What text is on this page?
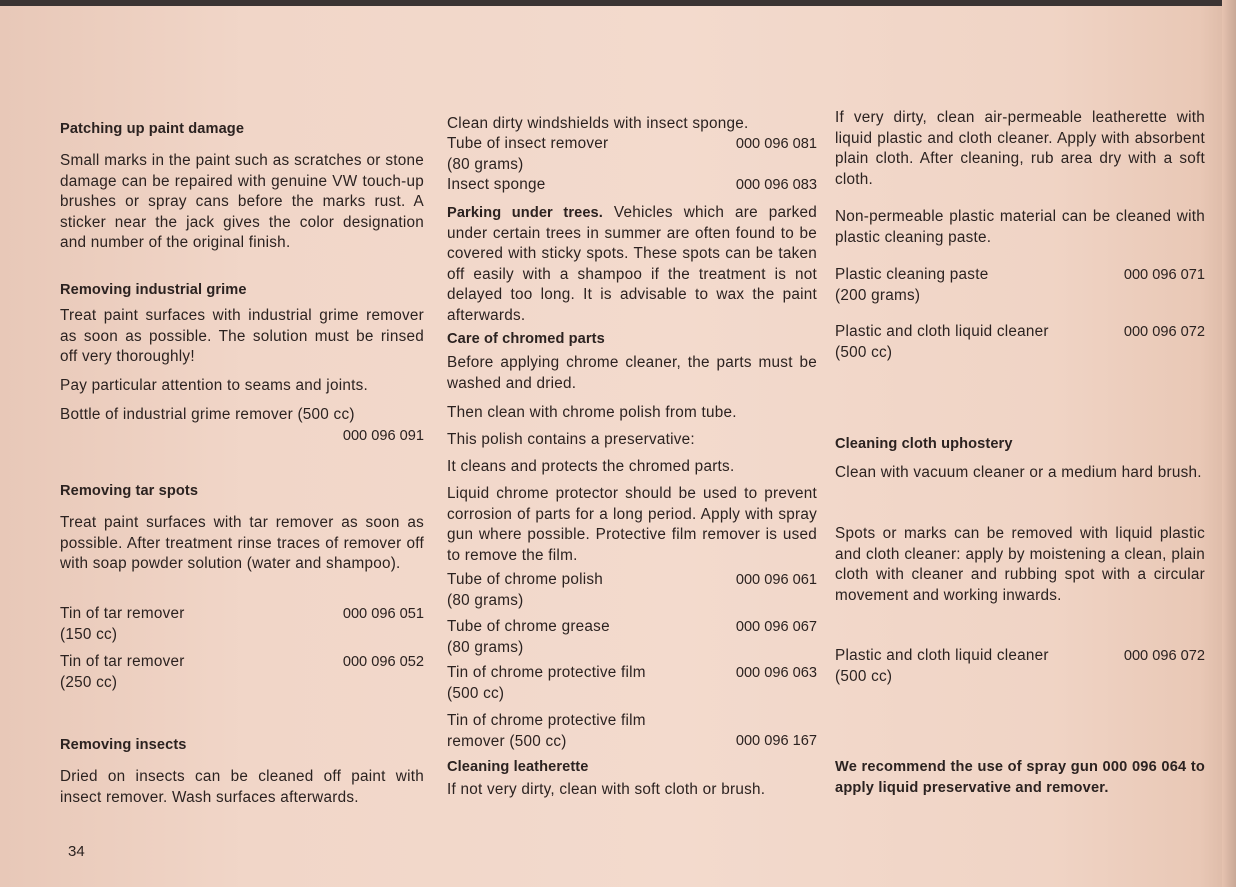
Patching up paint damage
Small marks in the paint such as scratches or stone damage can be repaired with genuine VW touch-up brushes or spray cans before the marks rust. A sticker near the jack gives the color designation and number of the original finish.
Removing industrial grime
Treat paint surfaces with industrial grime remover as soon as possible. The solution must be rinsed off very thoroughly!
Pay particular attention to seams and joints.
Bottle of industrial grime remover (500 cc)
000 096 091
Removing tar spots
Treat paint surfaces with tar remover as soon as possible. After treatment rinse traces of remover off with soap powder solution (water and shampoo).
Tin of tar remover
(150 cc)
000 096 051
Tin of tar remover
(250 cc)
000 096 052
Removing insects
Dried on insects can be cleaned off paint with insect remover. Wash surfaces afterwards.
Clean dirty windshields with insect sponge.
Tube of insect remover
(80 grams)
000 096 081
Insect sponge	000 096 083
Parking under trees. Vehicles which are parked under certain trees in summer are often found to be covered with sticky spots. These spots can be taken off easily with a shampoo if the treatment is not delayed too long. It is advisable to wax the paint afterwards.
Care of chromed parts
Before applying chrome cleaner, the parts must be washed and dried.
Then clean with chrome polish from tube.
This polish contains a preservative:
It cleans and protects the chromed parts.
Liquid chrome protector should be used to prevent corrosion of parts for a long period. Apply with spray gun where possible. Protective film remover is used to remove the film.
Tube of chrome polish
(80 grams)
000 096 061
Tube of chrome grease
(80 grams)
000 096 067
Tin of chrome protective film
(500 cc)
000 096 063
Tin of chrome protective film
remover (500 cc)	000 096 167
Cleaning leatherette
If not very dirty, clean with soft cloth or brush.
If very dirty, clean air-permeable leatherette with liquid plastic and cloth cleaner. Apply with absorbent plain cloth. After cleaning, rub area dry with a soft cloth.
Non-permeable plastic material can be cleaned with plastic cleaning paste.
Plastic cleaning paste
(200 grams)
000 096 071
Plastic and cloth liquid cleaner
(500 cc)
000 096 072
Cleaning cloth uphostery
Clean with vacuum cleaner or a medium hard brush.
Spots or marks can be removed with liquid plastic and cloth cleaner: apply by moistening a clean, plain cloth with cleaner and rubbing spot with a circular movement and working inwards.
Plastic and cloth liquid cleaner
(500 cc)
000 096 072
We recommend the use of spray gun 000 096 064 to apply liquid preservative and remover.
34
